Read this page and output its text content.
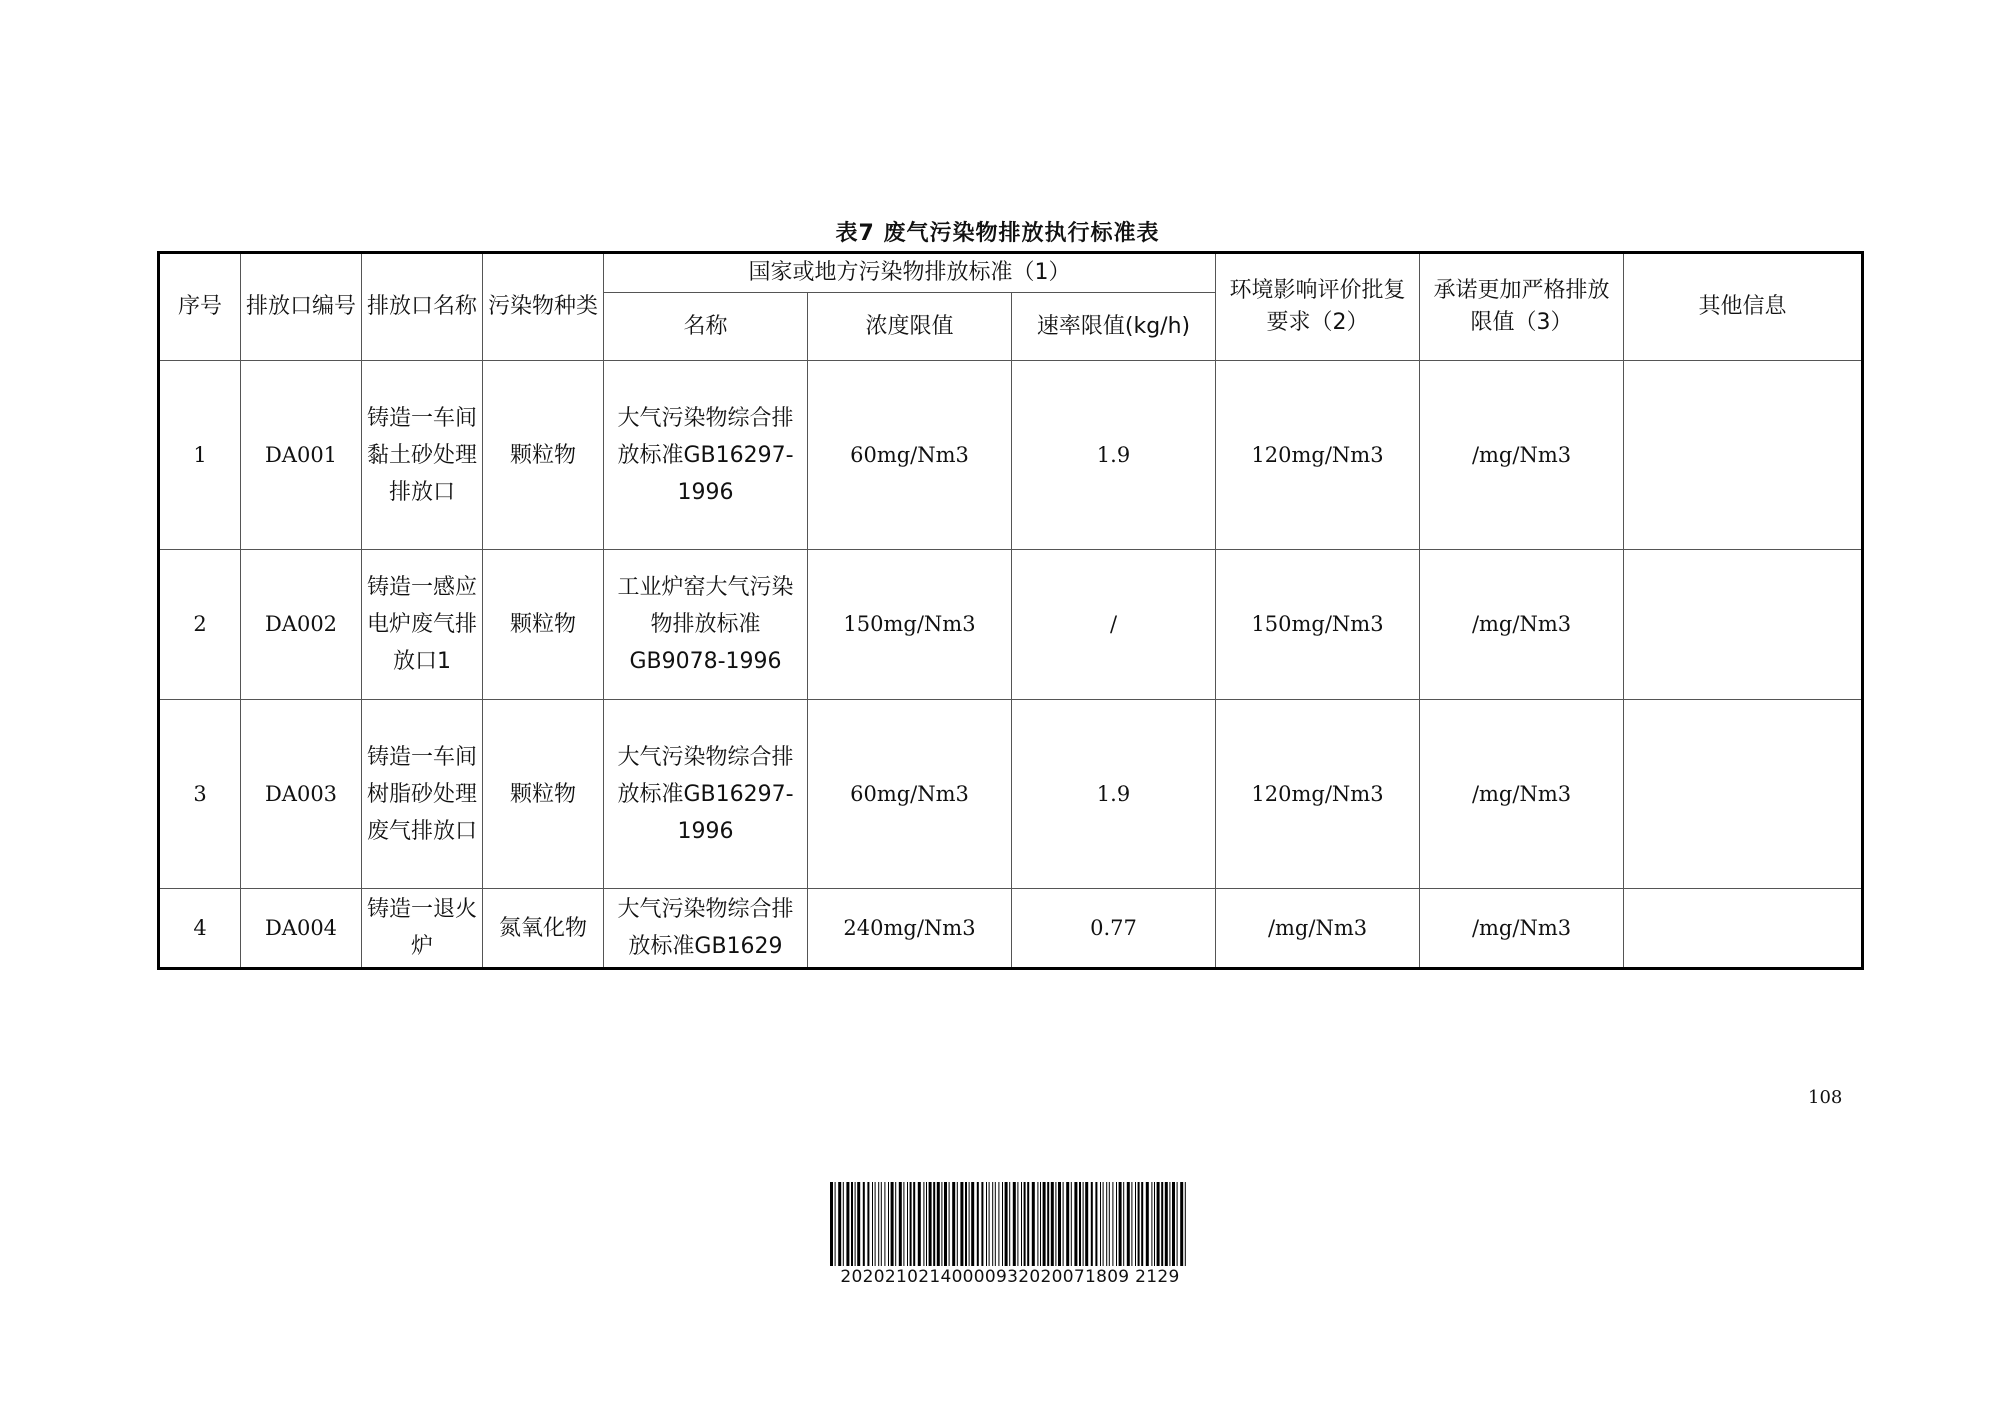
表7 废气污染物排放执行标准表
序号	排放口编号	排放口名称	污染物种类	国家或地方污染物排放标准（1）			环境影响评价批复要求（2）	承诺更加严格排放限值（3）	其他信息
				名称	浓度限值	速率限值(kg/h)			
1	DA001	铸造一车间黏土砂处理排放口	颗粒物	大气污染物综合排放标准GB16297-1996	60mg/Nm3	1.9	120mg/Nm3	/mg/Nm3	
2	DA002	铸造一感应电炉废气排放口1	颗粒物	工业炉窑大气污染物排放标准GB9078-1996	150mg/Nm3	/	150mg/Nm3	/mg/Nm3	
3	DA003	铸造一车间树脂砂处理废气排放口	颗粒物	大气污染物综合排放标准GB16297-1996	60mg/Nm3	1.9	120mg/Nm3	/mg/Nm3	
4	DA004	铸造一退火炉	氮氧化物	大气污染物综合排放标准GB1629	240mg/Nm3	0.77	/mg/Nm3	/mg/Nm3	
108
20202102140000932020071809 2129
